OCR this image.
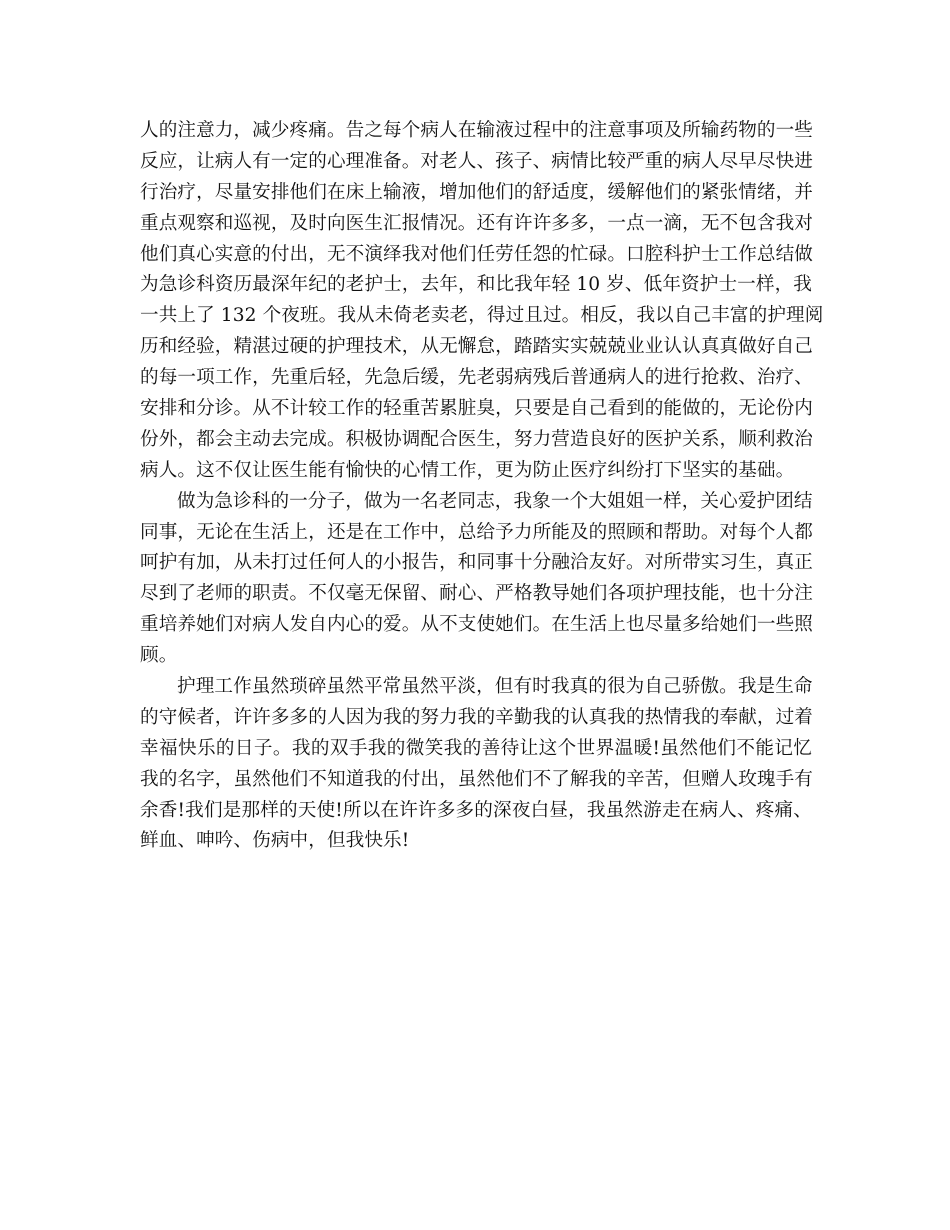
人的注意力，减少疼痛。告之每个病人在输液过程中的注意事项及所输药物的一些
反应，让病人有一定的心理准备。对老人、孩子、病情比较严重的病人尽早尽快进
行治疗，尽量安排他们在床上输液，增加他们的舒适度，缓解他们的紧张情绪，并
重点观察和巡视，及时向医生汇报情况。还有许许多多，一点一滴，无不包含我对
他们真心实意的付出，无不演绎我对他们任劳任怨的忙碌。口腔科护士工作总结做
为急诊科资历最深年纪的老护士，去年，和比我年轻 10 岁、低年资护士一样，我
一共上了 132 个夜班。我从未倚老卖老，得过且过。相反，我以自己丰富的护理阅
历和经验，精湛过硬的护理技术，从无懈怠，踏踏实实兢兢业业认认真真做好自己
的每一项工作，先重后轻，先急后缓，先老弱病残后普通病人的进行抢救、治疗、
安排和分诊。从不计较工作的轻重苦累脏臭，只要是自己看到的能做的，无论份内
份外，都会主动去完成。积极协调配合医生，努力营造良好的医护关系，顺利救治
病人。这不仅让医生能有愉快的心情工作，更为防止医疗纠纷打下坚实的基础。
做为急诊科的一分子，做为一名老同志，我象一个大姐姐一样，关心爱护团结
同事，无论在生活上，还是在工作中，总给予力所能及的照顾和帮助。对每个人都
呵护有加，从未打过任何人的小报告，和同事十分融洽友好。对所带实习生，真正
尽到了老师的职责。不仅毫无保留、耐心、严格教导她们各项护理技能，也十分注
重培养她们对病人发自内心的爱。从不支使她们。在生活上也尽量多给她们一些照
顾。
护理工作虽然琐碎虽然平常虽然平淡，但有时我真的很为自己骄傲。我是生命
的守候者，许许多多的人因为我的努力我的辛勤我的认真我的热情我的奉献，过着
幸福快乐的日子。我的双手我的微笑我的善待让这个世界温暖!虽然他们不能记忆
我的名字，虽然他们不知道我的付出，虽然他们不了解我的辛苦，但赠人玫瑰手有
余香!我们是那样的天使!所以在许许多多的深夜白昼，我虽然游走在病人、疼痛、
鲜血、呻吟、伤病中，但我快乐!
